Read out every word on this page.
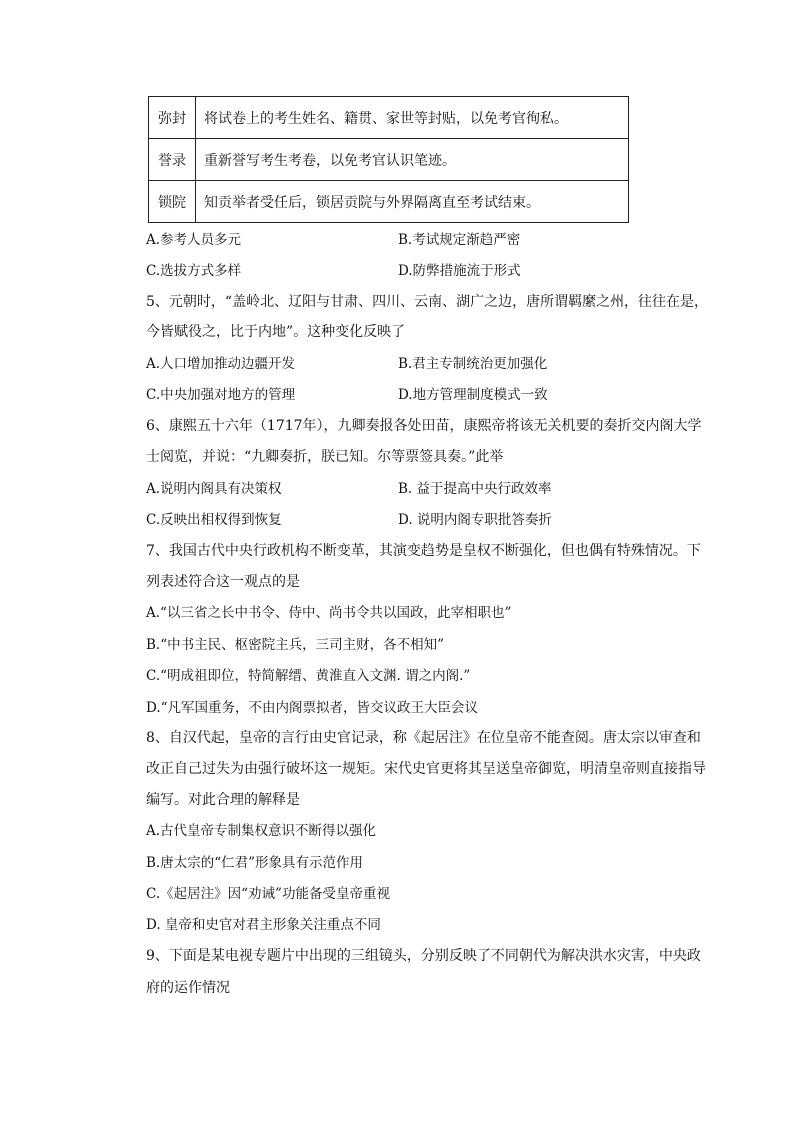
弥封	将试卷上的考生姓名、籍贯、家世等封贴，以免考官徇私。
誉录	重新誉写考生考卷，以免考官认识笔迹。
锁院	知贡举者受任后，锁居贡院与外界隔离直至考试结束。
A.参考人员多元	B.考试规定渐趋严密
C.选拔方式多样	D.防弊措施流于形式
5、元朝时，“盖岭北、辽阳与甘肃、四川、云南、湖广之边，唐所谓羁縻之州，往往在是，
今皆赋役之，比于内地”。这种变化反映了
A.人口增加推动边疆开发	B.君主专制统治更加强化
C.中央加强对地方的管理	D.地方管理制度模式一致
6、康熙五十六年（1717年），九卿奏报各处田苗，康熙帝将该无关机要的奏折交内阁大学
士阅览，并说：“九卿奏折，朕已知。尔等票签具奏。”此举
A.说明内阁具有决策权	B. 益于提高中央行政效率
C.反映出相权得到恢复	D. 说明内阁专职批答奏折
7、我国古代中央行政机构不断变革，其演变趋势是皇权不断强化，但也偶有特殊情况。下
列表述符合这一观点的是
A.“以三省之长中书令、侍中、尚书令共以国政，此宰相职也”
B.“中书主民、枢密院主兵，三司主财，各不相知”
C.“明成祖即位，特简解缙、黄淮直入文渊. 谓之内阁.”
D.“凡军国重务，不由内阁票拟者，皆交议政王大臣会议
8、自汉代起，皇帝的言行由史官记录，称《起居注》在位皇帝不能查阅。唐太宗以审查和
改正自己过失为由强行破坏这一规矩。宋代史官更将其呈送皇帝御览，明清皇帝则直接指导
编写。对此合理的解释是
A.古代皇帝专制集权意识不断得以强化
B.唐太宗的“仁君”形象具有示范作用
C.《起居注》因“劝诫”功能备受皇帝重视
D. 皇帝和史官对君主形象关注重点不同
9、下面是某电视专题片中出现的三组镜头，分别反映了不同朝代为解决洪水灾害，中央政
府的运作情况
